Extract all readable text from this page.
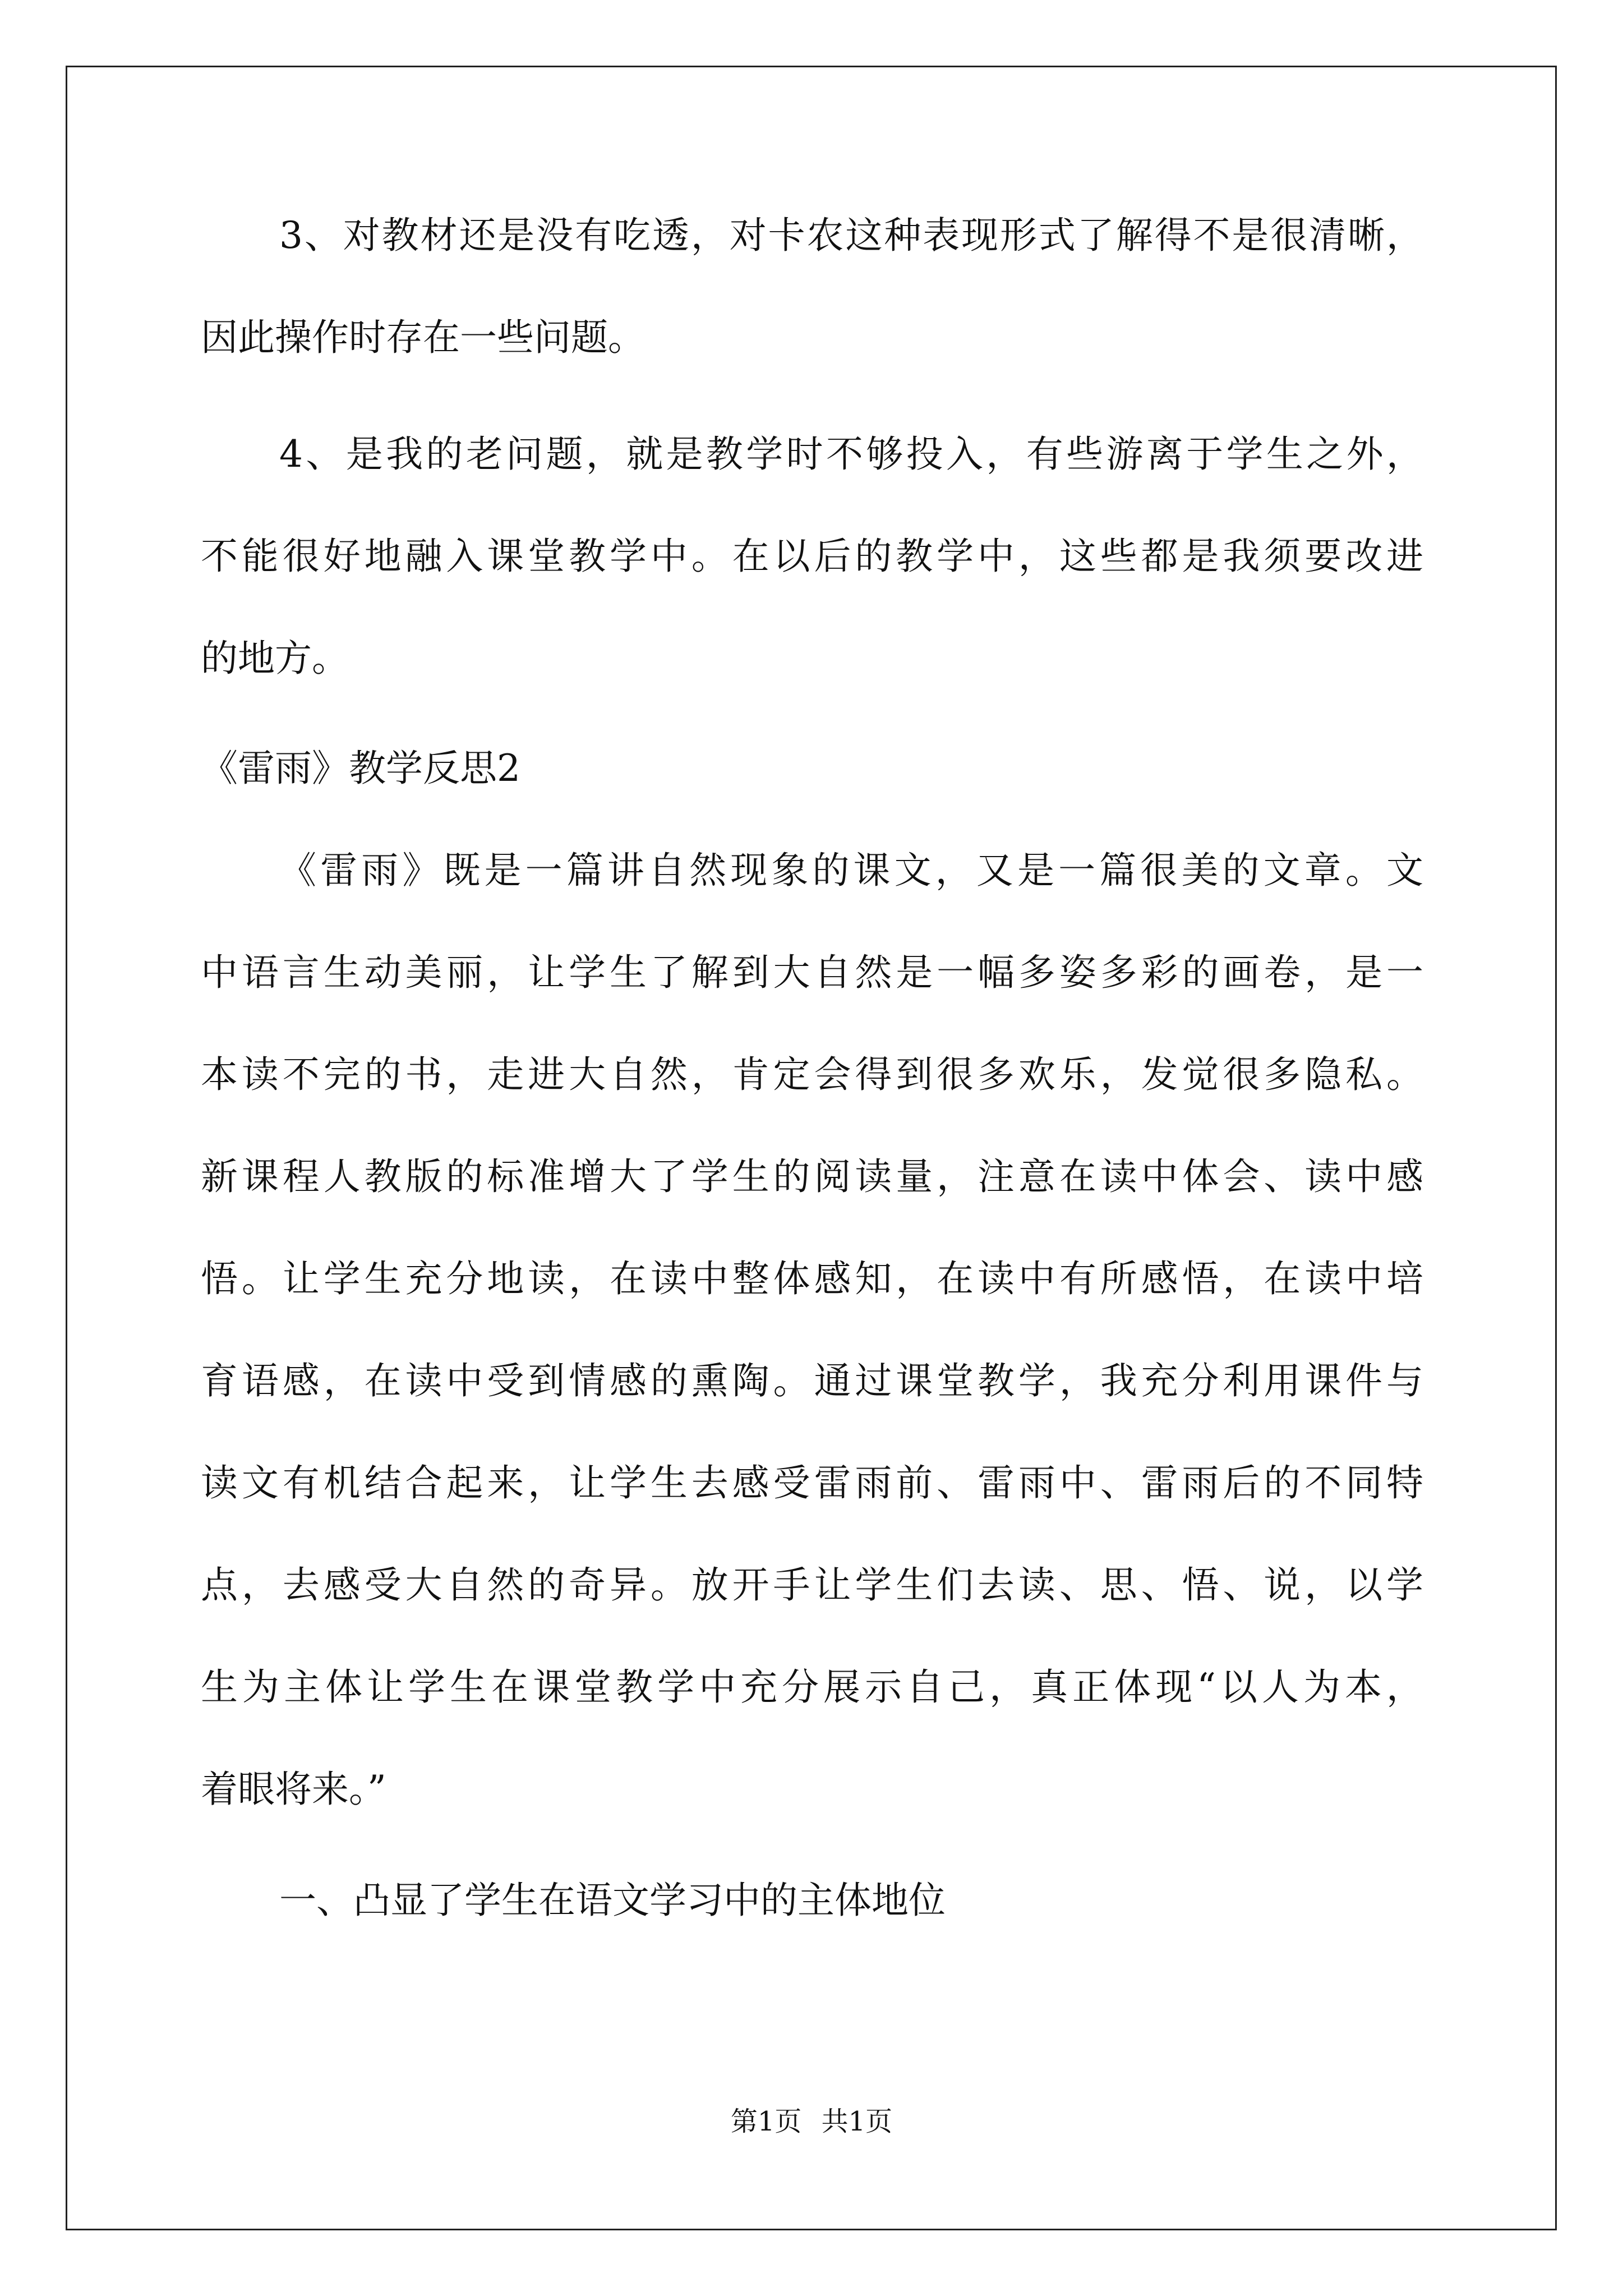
3、对教材还是没有吃透，对卡农这种表现形式了解得不是很清晰，
因此操作时存在一些问题。
4、是我的老问题，就是教学时不够投入，有些游离于学生之外，
不能很好地融入课堂教学中。在以后的教学中，这些都是我须要改进
的地方。
《雷雨》教学反思2
《雷雨》既是一篇讲自然现象的课文，又是一篇很美的文章。文
中语言生动美丽，让学生了解到大自然是一幅多姿多彩的画卷，是一
本读不完的书，走进大自然，肯定会得到很多欢乐，发觉很多隐私。
新课程人教版的标准增大了学生的阅读量，注意在读中体会、读中感
悟。让学生充分地读，在读中整体感知，在读中有所感悟，在读中培
育语感，在读中受到情感的熏陶。通过课堂教学，我充分利用课件与
读文有机结合起来，让学生去感受雷雨前、雷雨中、雷雨后的不同特
点，去感受大自然的奇异。放开手让学生们去读、思、悟、说，以学
生为主体让学生在课堂教学中充分展示自己，真正体现“以人为本，
着眼将来。”
一、凸显了学生在语文学习中的主体地位
第1页 共1页
